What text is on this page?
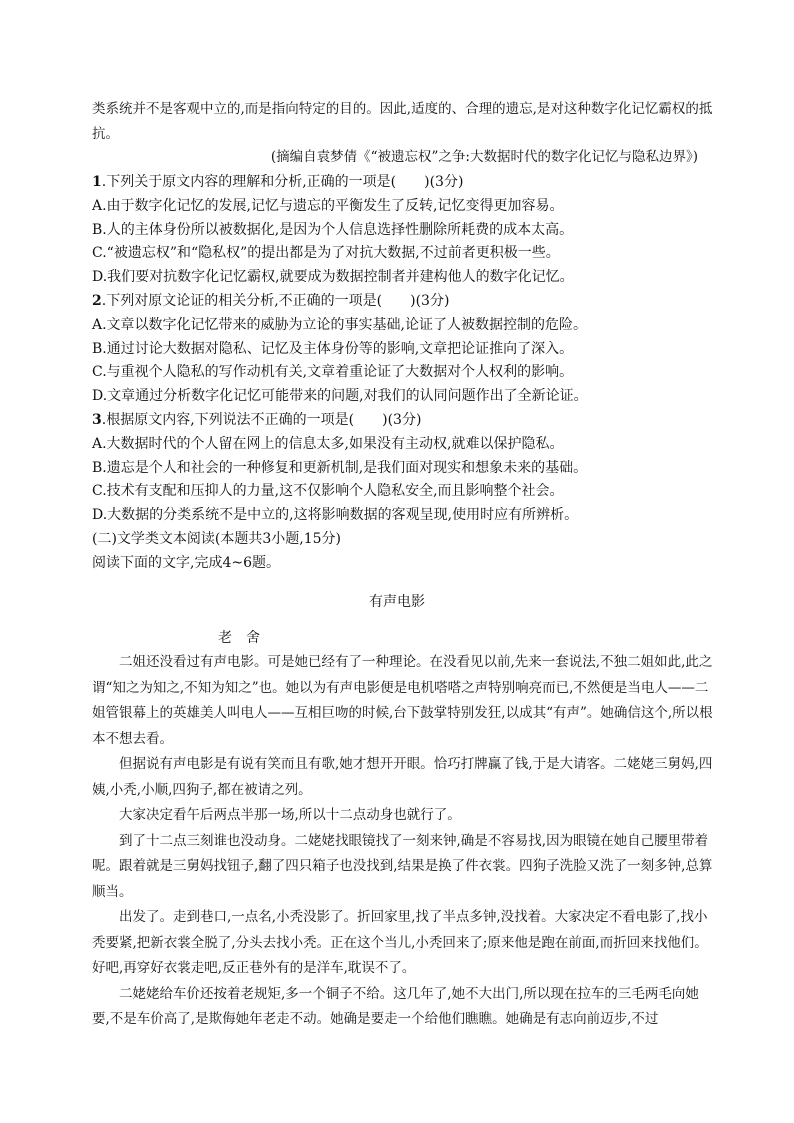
类系统并不是客观中立的,而是指向特定的目的。因此,适度的、合理的遗忘,是对这种数字化记忆霸权的抵抗。

(摘编自袁梦倩《“被遗忘权”之争:大数据时代的数字化记忆与隐私边界》)

1.下列关于原文内容的理解和分析,正确的一项是(　　)(3分)

A.由于数字化记忆的发展,记忆与遗忘的平衡发生了反转,记忆变得更加容易。

B.人的主体身份所以被数据化,是因为个人信息选择性删除所耗费的成本太高。

C.“被遗忘权”和“隐私权”的提出都是为了对抗大数据,不过前者更积极一些。

D.我们要对抗数字化记忆霸权,就要成为数据控制者并建构他人的数字化记忆。

2.下列对原文论证的相关分析,不正确的一项是(　　)(3分)

A.文章以数字化记忆带来的威胁为立论的事实基础,论证了人被数据控制的危险。

B.通过讨论大数据对隐私、记忆及主体身份等的影响,文章把论证推向了深入。

C.与重视个人隐私的写作动机有关,文章着重论证了大数据对个人权利的影响。

D.文章通过分析数字化记忆可能带来的问题,对我们的认同问题作出了全新论证。

3.根据原文内容,下列说法不正确的一项是(　　)(3分)

A.大数据时代的个人留在网上的信息太多,如果没有主动权,就难以保护隐私。

B.遗忘是个人和社会的一种修复和更新机制,是我们面对现实和想象未来的基础。

C.技术有支配和压抑人的力量,这不仅影响个人隐私安全,而且影响整个社会。

D.大数据的分类系统不是中立的,这将影响数据的客观呈现,使用时应有所辨析。

(二)文学类文本阅读(本题共3小题,15分)

阅读下面的文字,完成4~6题。

有声电影

老舍

二姐还没看过有声电影。可是她已经有了一种理论。在没看见以前,先来一套说法,不独二姐如此,此之谓“知之为知之,不知为知之”也。她以为有声电影便是电机嗒嗒之声特别响亮而已,不然便是当电人——二姐管银幕上的英雄美人叫电人——互相巨吻的时候,台下鼓掌特别发狂,以成其“有声”。她确信这个,所以根本不想去看。

但据说有声电影是有说有笑而且有歌,她才想开开眼。恰巧打牌赢了钱,于是大请客。二姥姥三舅妈,四姨,小秃,小顺,四狗子,都在被请之列。

大家决定看午后两点半那一场,所以十二点动身也就行了。

到了十二点三刻谁也没动身。二姥姥找眼镜找了一刻来钟,确是不容易找,因为眼镜在她自己腰里带着呢。跟着就是三舅妈找钮子,翻了四只箱子也没找到,结果是换了件衣裳。四狗子洗脸又洗了一刻多钟,总算顺当。

出发了。走到巷口,一点名,小秃没影了。折回家里,找了半点多钟,没找着。大家决定不看电影了,找小秃要紧,把新衣裳全脱了,分头去找小秃。正在这个当儿,小秃回来了;原来他是跑在前面,而折回来找他们。好吧,再穿好衣裳走吧,反正巷外有的是洋车,耽误不了。

二姥姥给车价还按着老规矩,多一个铜子不给。这几年了,她不大出门,所以现在拉车的三毛两毛向她要,不是车价高了,是欺侮她年老走不动。她确是要走一个给他们瞧瞧。她确是有志向前迈步,不过
